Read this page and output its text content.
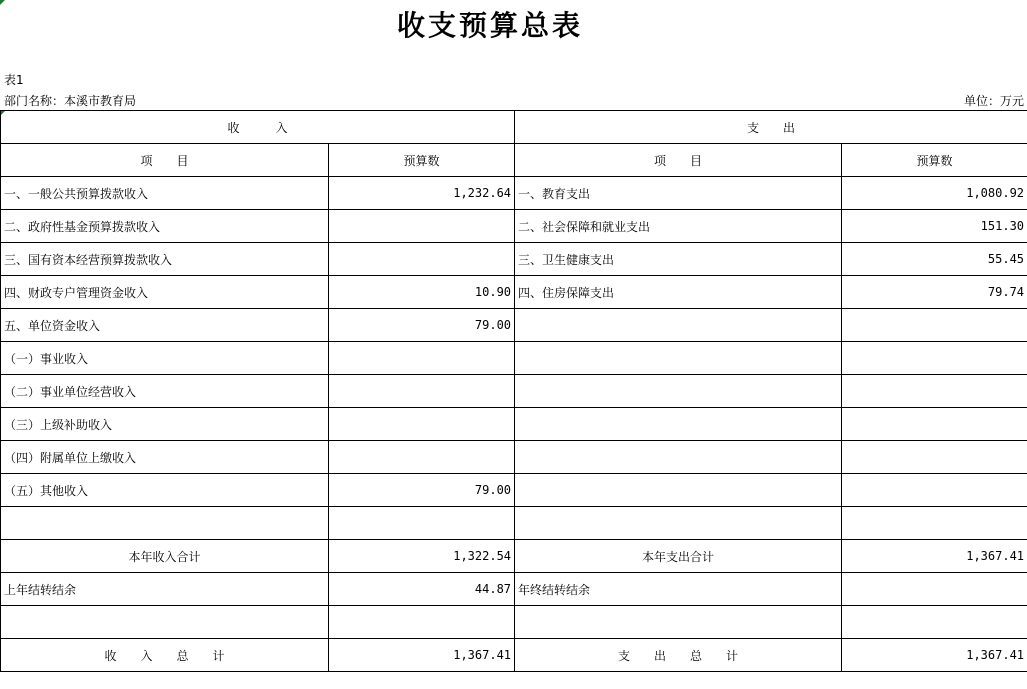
收支预算总表
表1
部门名称：本溪市教育局	单位：万元
收　　　入		支　　出	
项　　目	预算数	项　　目	预算数
一、一般公共预算拨款收入	1,232.64	一、教育支出	1,080.92
二、政府性基金预算拨款收入		二、社会保障和就业支出	151.30
三、国有资本经营预算拨款收入		三、卫生健康支出	55.45
四、财政专户管理资金收入	10.90	四、住房保障支出	79.74
五、单位资金收入	79.00		
（一）事业收入			
（二）事业单位经营收入			
（三）上级补助收入			
（四）附属单位上缴收入			
（五）其他收入	79.00		

本年收入合计	1,322.54	本年支出合计	1,367.41
上年结转结余	44.87	年终结转结余	

收　　入　　总　　计	1,367.41	支　　出　　总　　计	1,367.41
